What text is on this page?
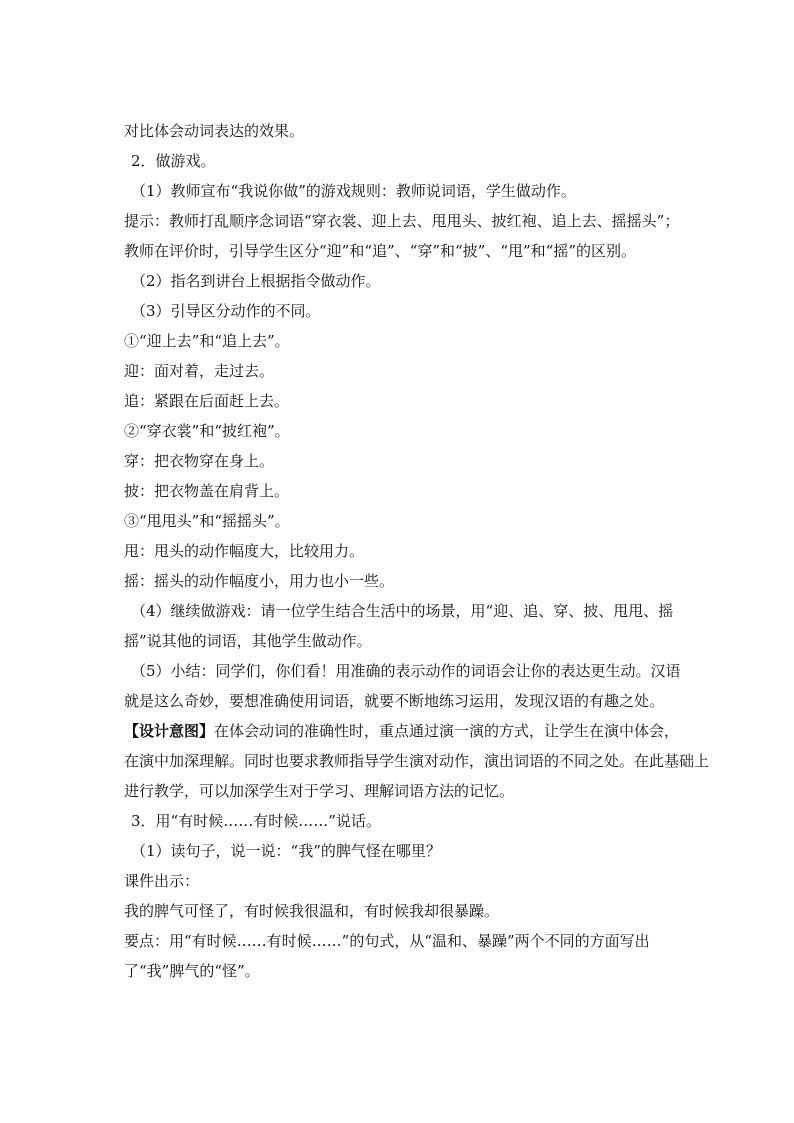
对比体会动词表达的效果。
2．做游戏。
（1）教师宣布“我说你做”的游戏规则：教师说词语，学生做动作。
提示：教师打乱顺序念词语“穿衣裳、迎上去、甩甩头、披红袍、追上去、摇摇头”；
教师在评价时，引导学生区分“迎”和“追”、“穿”和“披”、“甩”和“摇”的区别。
（2）指名到讲台上根据指令做动作。
（3）引导区分动作的不同。
①“迎上去”和“追上去”。
迎：面对着，走过去。
追：紧跟在后面赶上去。
②“穿衣裳”和“披红袍”。
穿：把衣物穿在身上。
披：把衣物盖在肩背上。
③“甩甩头”和“摇摇头”。
甩：甩头的动作幅度大，比较用力。
摇：摇头的动作幅度小，用力也小一些。
（4）继续做游戏：请一位学生结合生活中的场景，用“迎、追、穿、披、甩甩、摇
摇”说其他的词语，其他学生做动作。
（5）小结：同学们，你们看！用准确的表示动作的词语会让你的表达更生动。汉语
就是这么奇妙，要想准确使用词语，就要不断地练习运用，发现汉语的有趣之处。
【设计意图】在体会动词的准确性时，重点通过演一演的方式，让学生在演中体会，
在演中加深理解。同时也要求教师指导学生演对动作，演出词语的不同之处。在此基础上
进行教学，可以加深学生对于学习、理解词语方法的记忆。
3．用“有时候……有时候……”说话。
（1）读句子，说一说：“我”的脾气怪在哪里？
课件出示：
我的脾气可怪了，有时候我很温和，有时候我却很暴躁。
要点：用“有时候……有时候……”的句式，从“温和、暴躁”两个不同的方面写出
了“我”脾气的“怪”。
